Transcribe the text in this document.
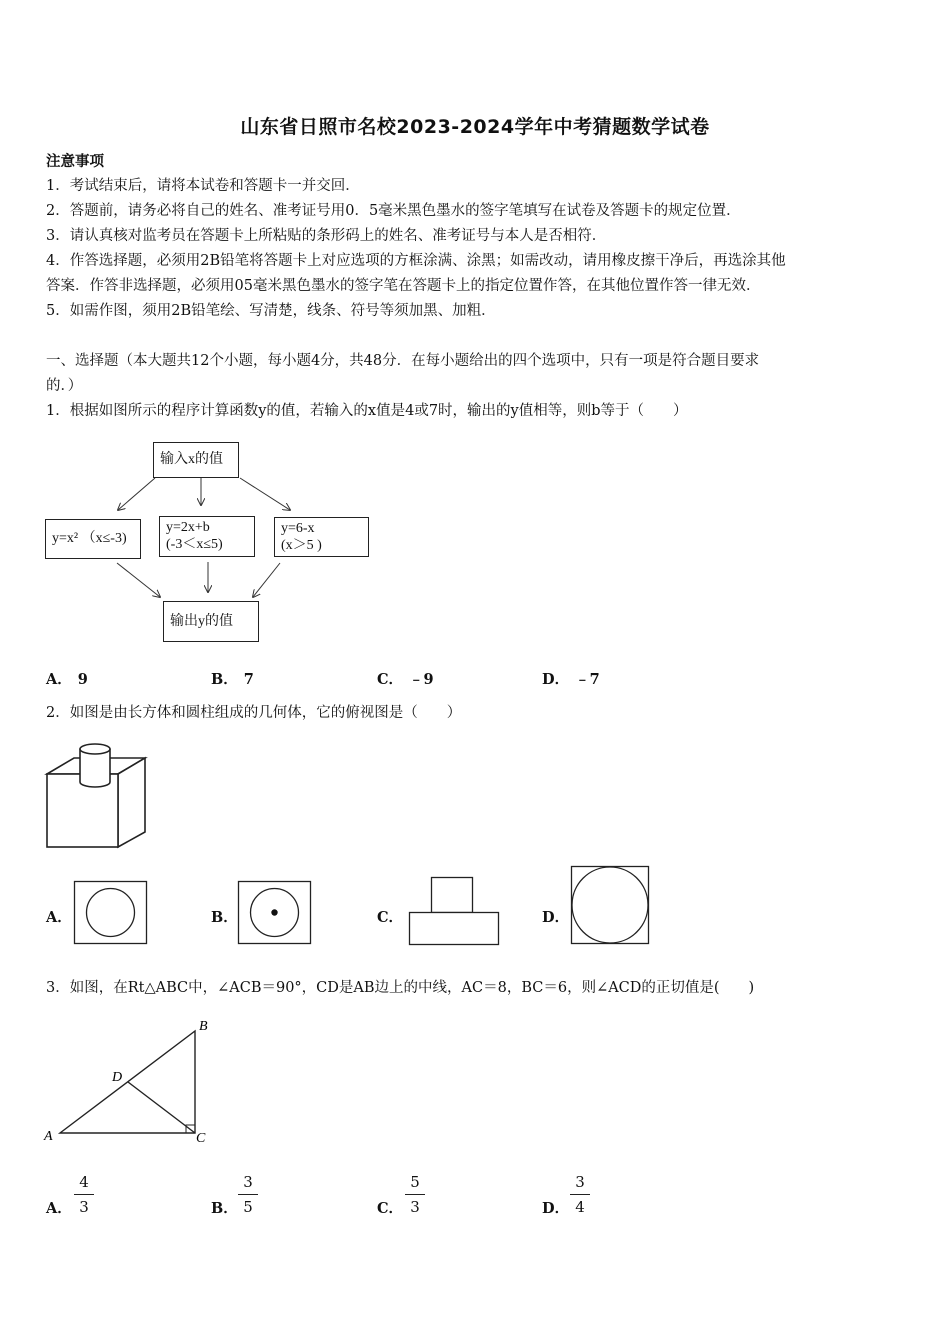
山东省日照市名校2023-2024学年中考猜题数学试卷
注意事项
1．考试结束后，请将本试卷和答题卡一并交回．
2．答题前，请务必将自己的姓名、准考证号用0．5毫米黑色墨水的签字笔填写在试卷及答题卡的规定位置．
3．请认真核对监考员在答题卡上所粘贴的条形码上的姓名、准考证号与本人是否相符．
4．作答选择题，必须用2B铅笔将答题卡上对应选项的方框涂满、涂黑；如需改动，请用橡皮擦干净后，再选涂其他
答案．作答非选择题，必须用05毫米黑色墨水的签字笔在答题卡上的指定位置作答，在其他位置作答一律无效．
5．如需作图，须用2B铅笔绘、写清楚，线条、符号等须加黑、加粗．
一、选择题（本大题共12个小题，每小题4分，共48分．在每小题给出的四个选项中，只有一项是符合题目要求
的．）
1．根据如图所示的程序计算函数y的值，若输入的x值是4或7时，输出的y值相等，则b等于（　　）
输入x的值
y=x² （x≤-3)
y=2x+b
(-3＜x≤5)
y=6-x
(x＞5 )
输出y的值
A． 9	B． 7	C． ﹣9	D． ﹣7
2．如图是由长方体和圆柱组成的几何体，它的俯视图是（　　）
A．	B．	C．	D．
3．如图，在Rt△ABC中，∠ACB＝90°，CD是AB边上的中线，AC＝8，BC＝6，则∠ACD的正切值是(　　)
A
B
C
D
A．
4
3	B．
3
5	C．
5
3	D．
3
4
